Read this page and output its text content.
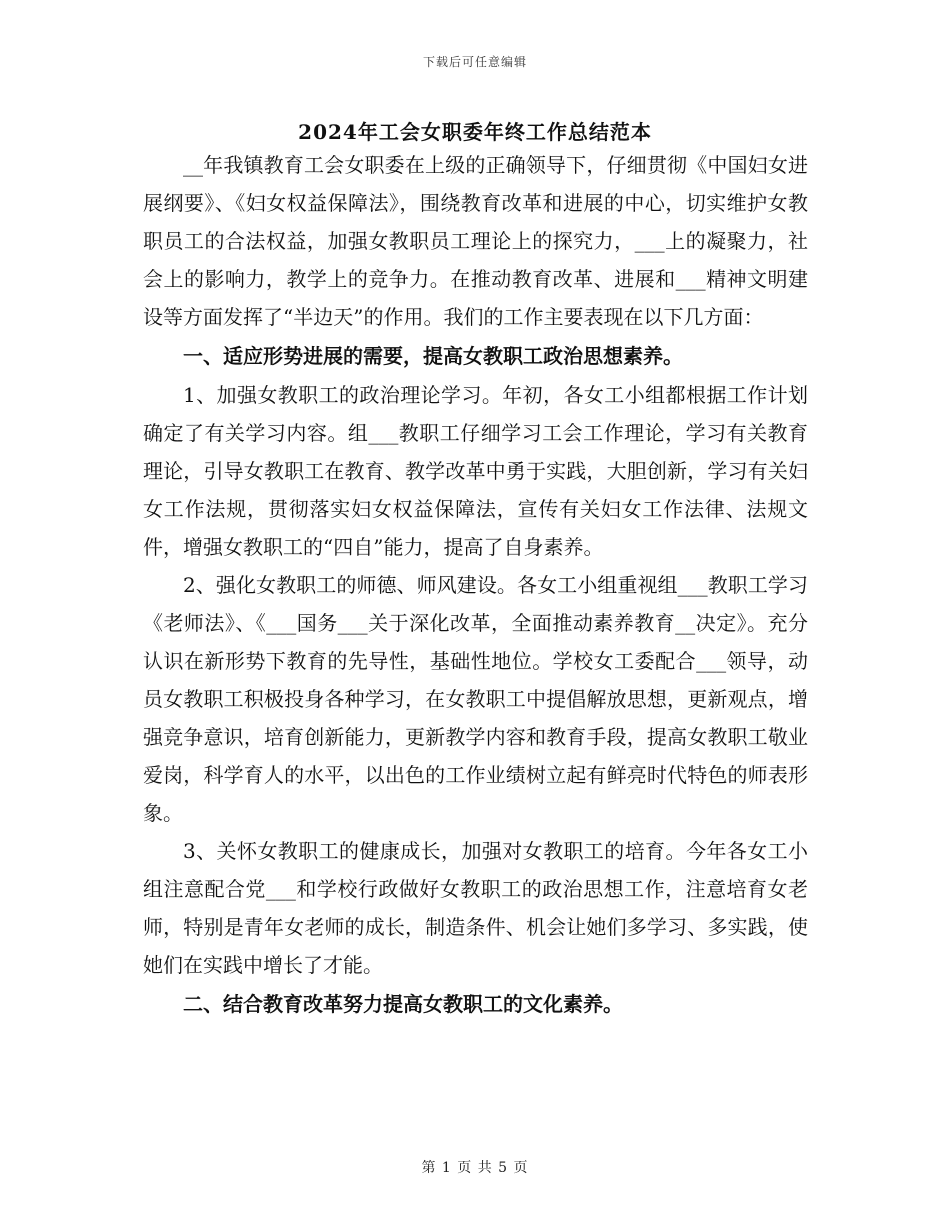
下载后可任意编辑
2024年工会女职委年终工作总结范本

__年我镇教育工会女职委在上级的正确领导下，仔细贯彻《中国妇女进展纲要》、《妇女权益保障法》，围绕教育改革和进展的中心，切实维护女教职员工的合法权益，加强女教职员工理论上的探究力，___上的凝聚力，社会上的影响力，教学上的竞争力。在推动教育改革、进展和___精神文明建设等方面发挥了“半边天”的作用。我们的工作主要表现在以下几方面：

一、适应形势进展的需要，提高女教职工政治思想素养。

1、加强女教职工的政治理论学习。年初，各女工小组都根据工作计划确定了有关学习内容。组___教职工仔细学习工会工作理论，学习有关教育理论，引导女教职工在教育、教学改革中勇于实践，大胆创新，学习有关妇女工作法规，贯彻落实妇女权益保障法，宣传有关妇女工作法律、法规文件，增强女教职工的“四自”能力，提高了自身素养。

2、强化女教职工的师德、师风建设。各女工小组重视组___教职工学习《老师法》、《___国务___关于深化改革，全面推动素养教育__决定》。充分认识在新形势下教育的先导性，基础性地位。学校女工委配合___领导，动员女教职工积极投身各种学习，在女教职工中提倡解放思想，更新观点，增强竞争意识，培育创新能力，更新教学内容和教育手段，提高女教职工敬业爱岗，科学育人的水平，以出色的工作业绩树立起有鲜亮时代特色的师表形象。

3、关怀女教职工的健康成长，加强对女教职工的培育。今年各女工小组注意配合党___和学校行政做好女教职工的政治思想工作，注意培育女老师，特别是青年女老师的成长，制造条件、机会让她们多学习、多实践，使她们在实践中增长了才能。

二、结合教育改革努力提高女教职工的文化素养。

第 1 页 共 5 页
